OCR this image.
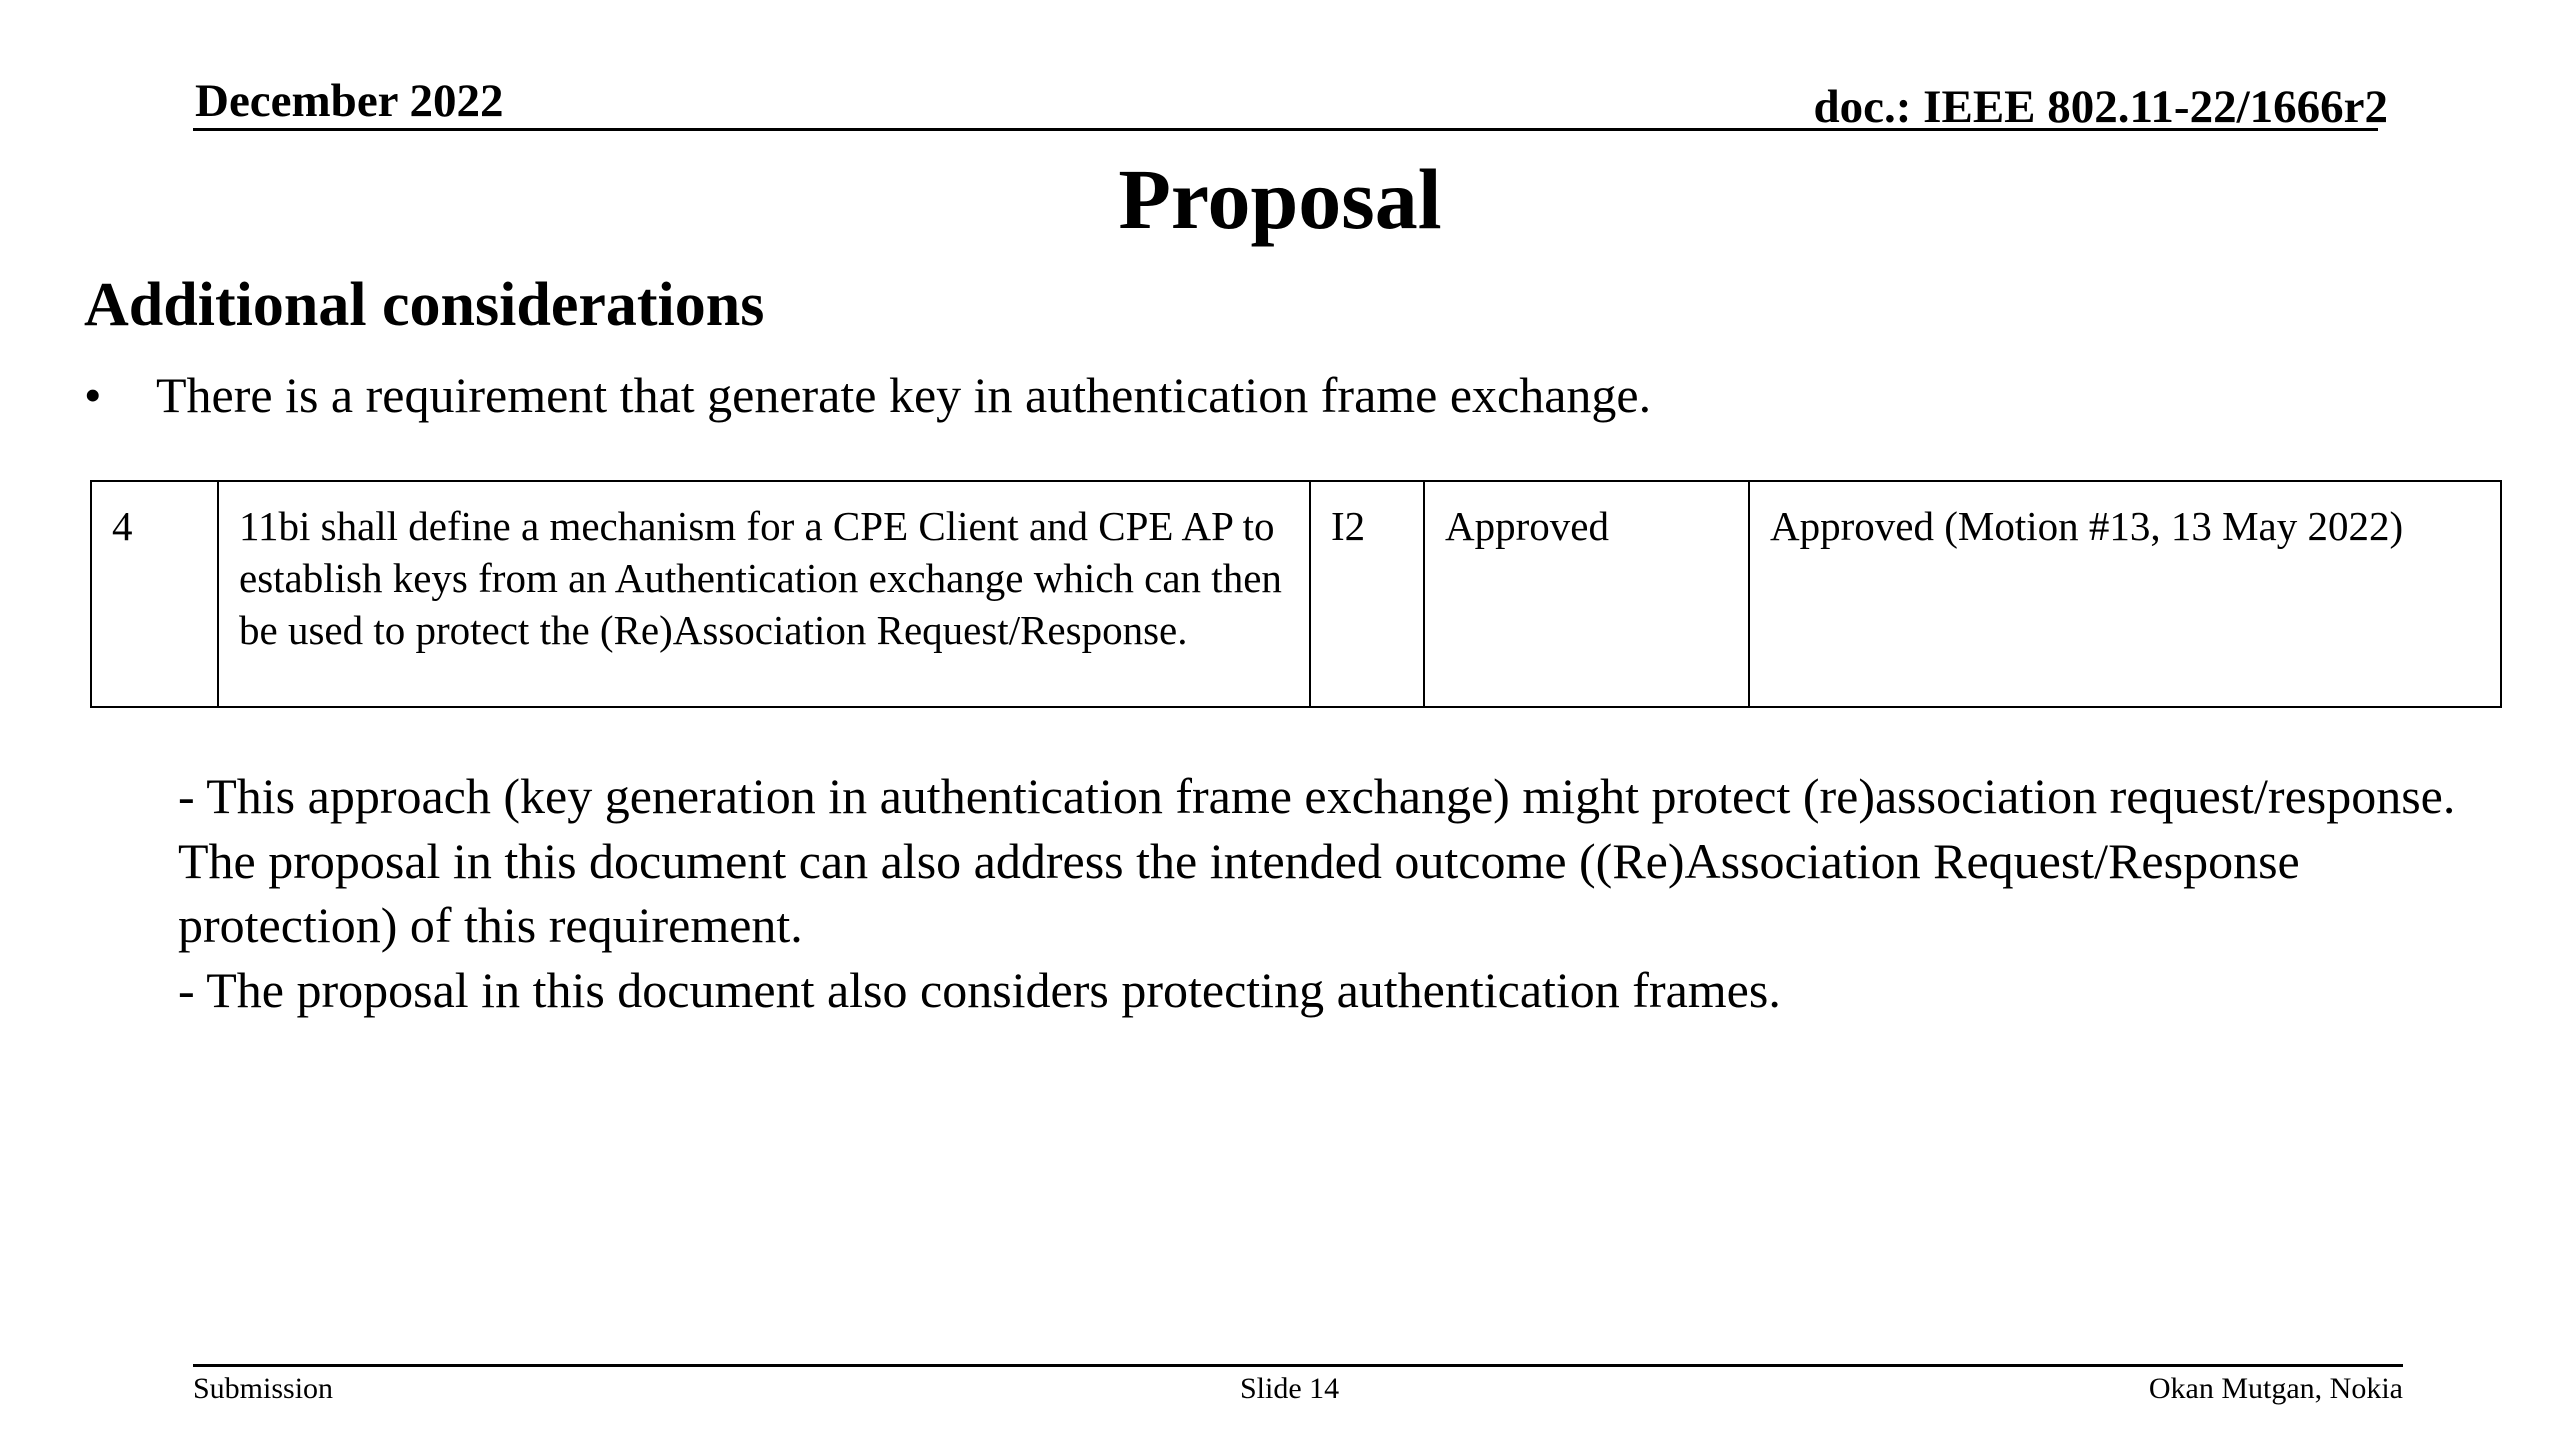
December 2022	doc.: IEEE 802.11-22/1666r2
Proposal
Additional considerations
• There is a requirement that generate key in authentication frame exchange.
4	11bi shall define a mechanism for a CPE Client and CPE AP to establish keys from an Authentication exchange which can then be used to protect the (Re)Association Request/Response.	I2	Approved	Approved (Motion #13, 13 May 2022)

- This approach (key generation in authentication frame exchange) might protect (re)association request/response. The proposal in this document can also address the intended outcome ((Re)Association Request/Response protection) of this requirement.

- The proposal in this document also considers protecting authentication frames.

Submission	Slide 14	Okan Mutgan, Nokia
